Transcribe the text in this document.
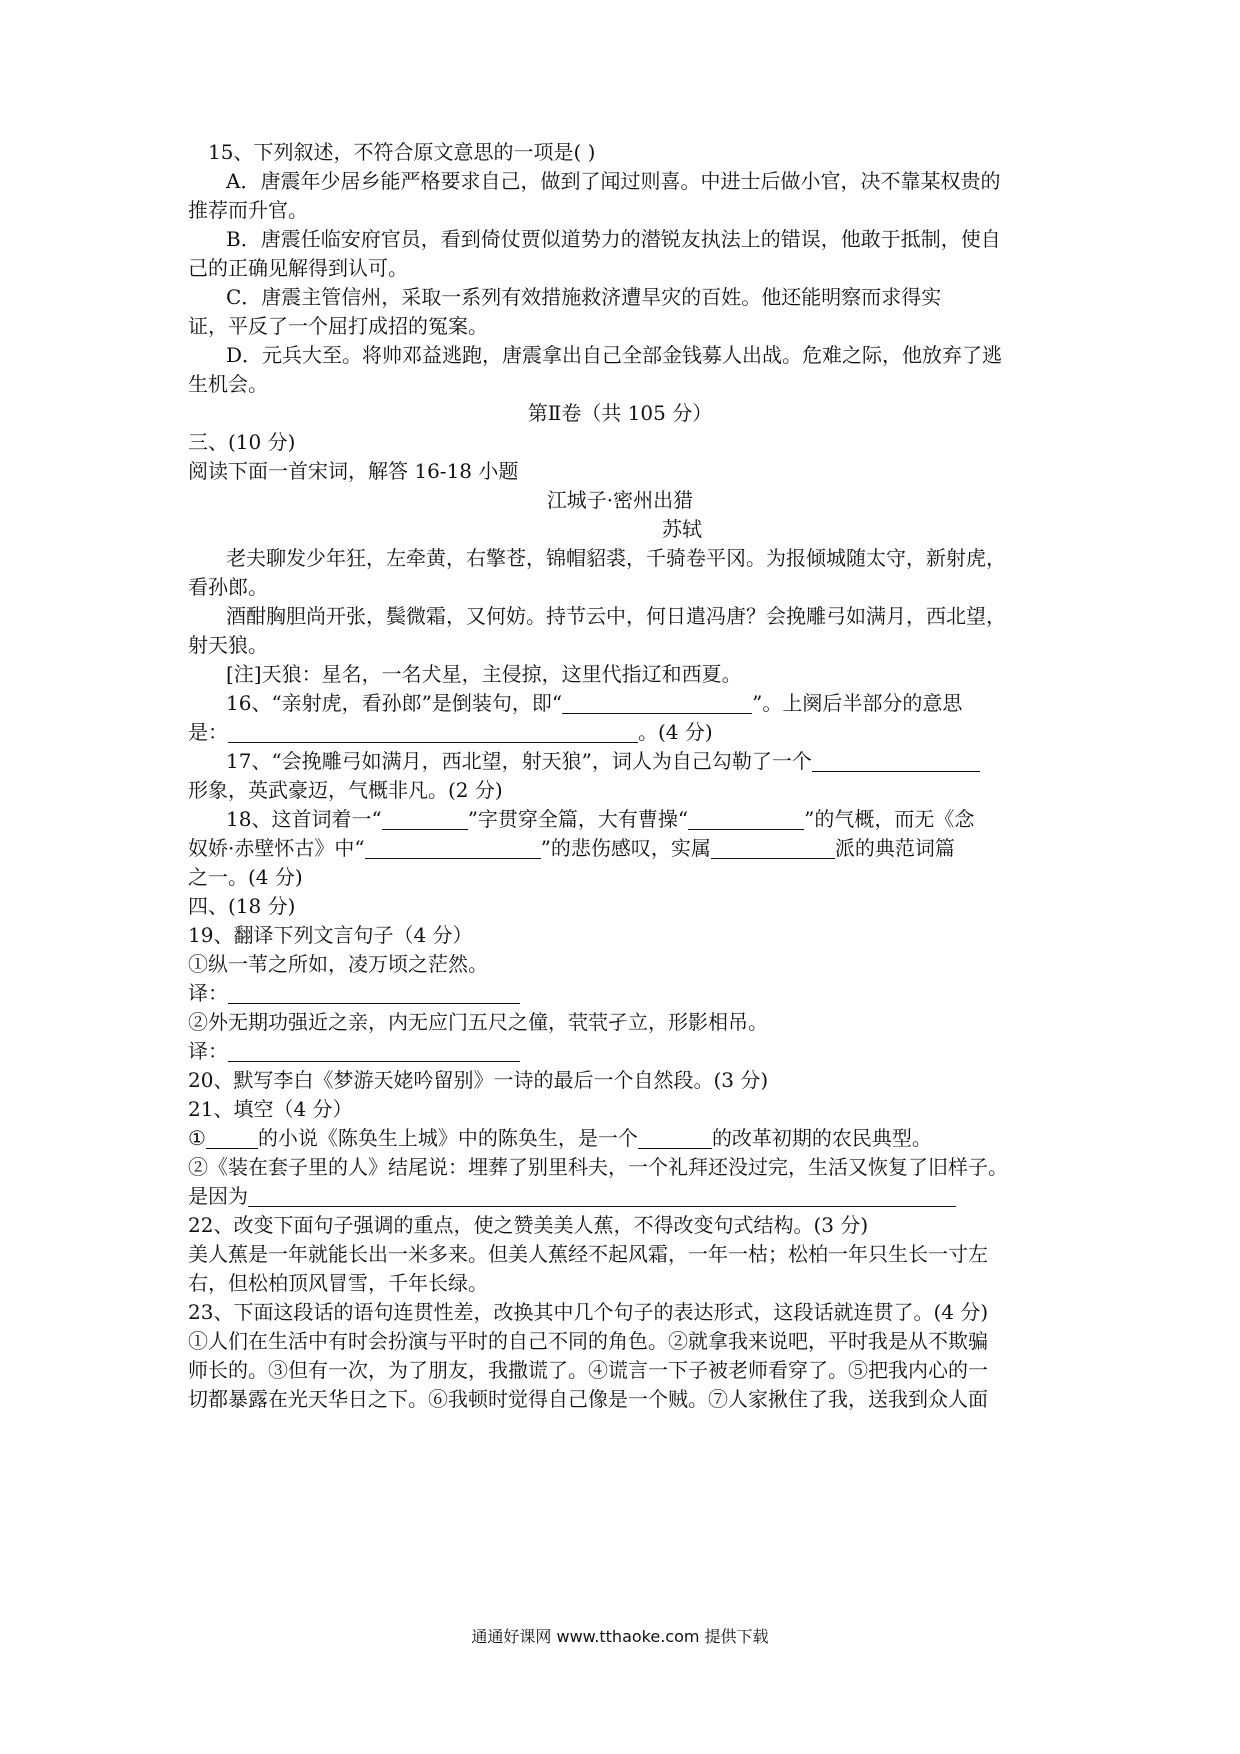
15、下列叙述，不符合原文意思的一项是( )
A．唐震年少居乡能严格要求自己，做到了闻过则喜。中进士后做小官，决不靠某权贵的
推荐而升官。
B．唐震任临安府官员，看到倚仗贾似道势力的潜锐友执法上的错误，他敢于抵制，使自
己的正确见解得到认可。
C．唐震主管信州，采取一系列有效措施救济遭旱灾的百姓。他还能明察而求得实
证，平反了一个屈打成招的冤案。
D．元兵大至。将帅邓益逃跑，唐震拿出自己全部金钱募人出战。危难之际，他放弃了逃
生机会。
第Ⅱ卷（共 105 分）
三、(10 分)
阅读下面一首宋词，解答 16-18 小题
江城子·密州出猎
苏轼
老夫聊发少年狂，左牵黄，右擎苍，锦帽貂裘，千骑卷平冈。为报倾城随太守，新射虎，
看孙郎。
酒酣胸胆尚开张，鬓微霜，又何妨。持节云中，何日遣冯唐？会挽雕弓如满月，西北望，
射天狼。
[注]天狼：星名，一名犬星，主侵掠，这里代指辽和西夏。
16、“亲射虎，看孙郎”是倒装句，即“	”。上阕后半部分的意思
是：	。(4 分)
17、“会挽雕弓如满月，西北望，射天狼”，词人为自己勾勒了一个
形象，英武豪迈，气概非凡。(2 分)
18、这首词着一“	”字贯穿全篇，大有曹操“	”的气概，而无《念
奴娇·赤壁怀古》中“	”的悲伤感叹，实属	派的典范词篇
之一。(4 分)
四、(18 分)
19、翻译下列文言句子（4 分）
①纵一苇之所如，凌万顷之茫然。
译：
②外无期功强近之亲，内无应门五尺之僮，茕茕孑立，形影相吊。
译：
20、默写李白《梦游天姥吟留别》一诗的最后一个自然段。(3 分)
21、填空（4 分）
①	的小说《陈奂生上城》中的陈奂生，是一个	的改革初期的农民典型。
②《装在套子里的人》结尾说：埋葬了别里科夫，一个礼拜还没过完，生活又恢复了旧样子。
是因为
22、改变下面句子强调的重点，使之赞美美人蕉，不得改变句式结构。(3 分)
美人蕉是一年就能长出一米多来。但美人蕉经不起风霜，一年一枯；松柏一年只生长一寸左
右，但松柏顶风冒雪，千年长绿。
23、下面这段话的语句连贯性差，改换其中几个句子的表达形式，这段话就连贯了。(4 分)
①人们在生活中有时会扮演与平时的自己不同的角色。②就拿我来说吧，平时我是从不欺骗
师长的。③但有一次，为了朋友，我撒谎了。④谎言一下子被老师看穿了。⑤把我内心的一
切都暴露在光天华日之下。⑥我顿时觉得自己像是一个贼。⑦人家揪住了我，送我到众人面
通通好课网 www.tthaoke.com 提供下载
